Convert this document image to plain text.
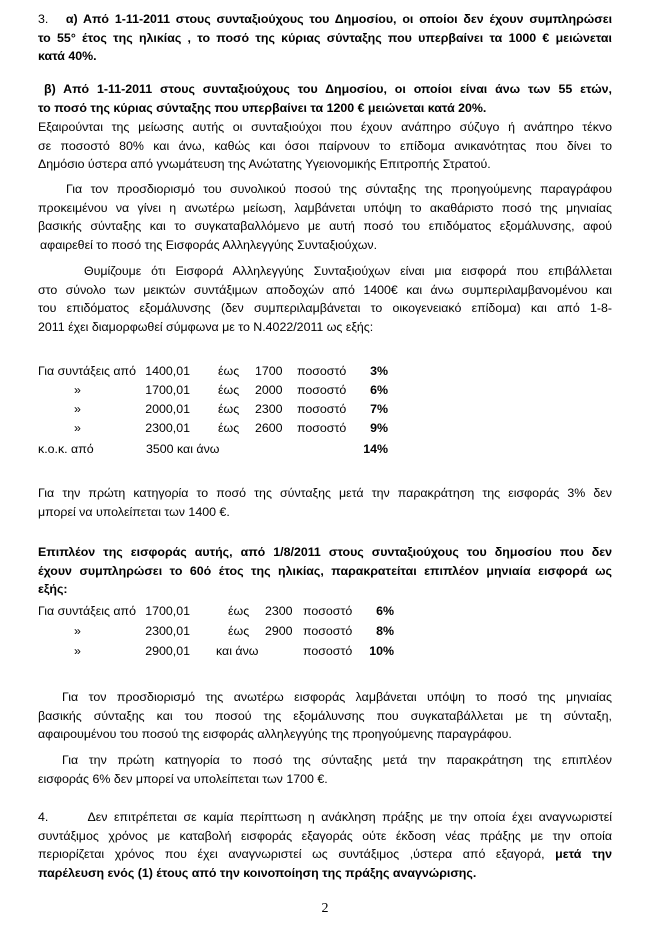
3. α) Από 1-11-2011 στους συνταξιούχους του Δημοσίου, οι οποίοι δεν έχουν συμπληρώσει
το 55° έτος της ηλικίας , το ποσό της κύριας σύνταξης που υπερβαίνει τα 1000 € μειώνεται
κατά 40%.
β) Από 1-11-2011 στους συνταξιούχους του Δημοσίου, οι οποίοι είναι άνω των 55 ετών,
το ποσό της κύριας σύνταξης που υπερβαίνει τα 1200 € μειώνεται κατά 20%.
Εξαιρούνται της μείωσης αυτής οι συνταξιούχοι που έχουν ανάπηρο σύζυγο ή ανάπηρο τέκνο
σε ποσοστό 80% και άνω, καθώς και όσοι παίρνουν το επίδομα ανικανότητας που δίνει το
Δημόσιο ύστερα από γνωμάτευση της Ανώτατης Υγειονομικής Επιτροπής Στρατού.
Για τον προσδιορισμό του συνολικού ποσού της σύνταξης της προηγούμενης παραγράφου
προκειμένου να γίνει η ανωτέρω μείωση, λαμβάνεται υπόψη το ακαθάριστο ποσό της μηνιαίας
βασικής σύνταξης και το συγκαταβαλλόμενο με αυτή ποσό του επιδόματος εξομάλυνσης, αφού
αφαιρεθεί το ποσό της Εισφοράς Αλληλεγγύης Συνταξιούχων.
Θυμίζουμε ότι Εισφορά Αλληλεγγύης Συνταξιούχων είναι μια εισφορά που επιβάλλεται
στο σύνολο των μεικτών συντάξιμων αποδοχών από 1400€ και άνω συμπεριλαμβανομένου και
του επιδόματος εξομάλυνσης (δεν συμπεριλαμβάνεται το οικογενειακό επίδομα) και από 1-8-
2011 έχει διαμορφωθεί σύμφωνα με το Ν.4022/2011 ως εξής:
Για συντάξεις από 1400,01 έως 1700 ποσοστό	3%
»	1700,01 έως 2000 ποσοστό	6%
»	2000,01 έως 2300 ποσοστό	7%
»	2300,01 έως 2600 ποσοστό	9%
κ.ο.κ. από	3500 και άνω	14%
Για την πρώτη κατηγορία το ποσό της σύνταξης μετά την παρακράτηση της εισφοράς 3% δεν
μπορεί να υπολείπεται των 1400 €.
Επιπλέον της εισφοράς αυτής, από 1/8/2011 στους συνταξιούχους του δημοσίου που δεν
έχουν συμπληρώσει το 60ό έτος της ηλικίας, παρακρατείται επιπλέον μηνιαία εισφορά ως
εξής:
Για συντάξεις από 1700,01	έως 2300 ποσοστό	6%
»	2300,01	έως 2900 ποσοστό	8%
»	2900,01 και άνω	ποσοστό	10%
Για τον προσδιορισμό της ανωτέρω εισφοράς λαμβάνεται υπόψη το ποσό της μηνιαίας
βασικής σύνταξης και του ποσού της εξομάλυνσης που συγκαταβάλλεται με τη σύνταξη,
αφαιρουμένου του ποσού της εισφοράς αλληλεγγύης της προηγούμενης παραγράφου.
Για την πρώτη κατηγορία το ποσό της σύνταξης μετά την παρακράτηση της επιπλέον
εισφοράς 6% δεν μπορεί να υπολείπεται των 1700 €.
4.	Δεν επιτρέπεται σε καμία περίπτωση η ανάκληση πράξης με την οποία έχει αναγνωριστεί
συντάξιμος χρόνος με καταβολή εισφοράς εξαγοράς ούτε έκδοση νέας πράξης με την οποία
περιορίζεται χρόνος που έχει αναγνωριστεί ως συντάξιμος ,ύστερα από εξαγορά, μετά την
παρέλευση ενός (1) έτους από την κοινοποίηση της πράξης αναγνώρισης.
2
